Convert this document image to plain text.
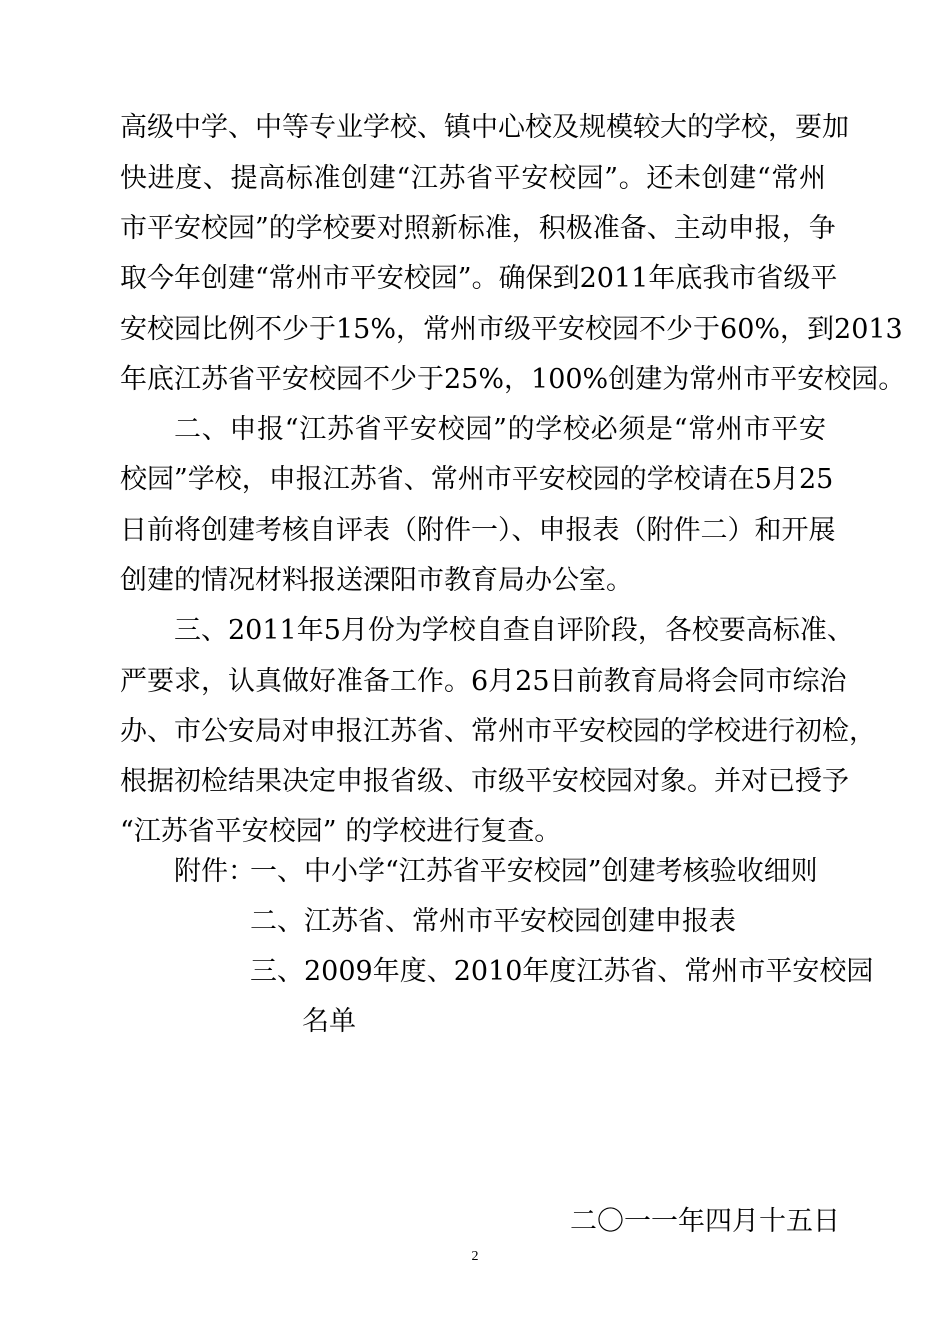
高级中学、中等专业学校、镇中心校及规模较大的学校，要加
快进度、提高标准创建“江苏省平安校园”。还未创建“常州
市平安校园”的学校要对照新标准，积极准备、主动申报，争
取今年创建“常州市平安校园”。确保到2011年底我市省级平
安校园比例不少于15%，常州市级平安校园不少于60%，到2013
年底江苏省平安校园不少于25%，100%创建为常州市平安校园。
二、申报“江苏省平安校园”的学校必须是“常州市平安
校园”学校，申报江苏省、常州市平安校园的学校请在5月25
日前将创建考核自评表（附件一）、申报表（附件二）和开展
创建的情况材料报送溧阳市教育局办公室。
三、2011年5月份为学校自查自评阶段，各校要高标准、
严要求，认真做好准备工作。6月25日前教育局将会同市综治
办、市公安局对申报江苏省、常州市平安校园的学校进行初检，
根据初检结果决定申报省级、市级平安校园对象。并对已授予
“江苏省平安校园” 的学校进行复查。
附件：
一、中小学“江苏省平安校园”创建考核验收细则
二、江苏省、常州市平安校园创建申报表
三、2009年度、2010年度江苏省、常州市平安校园
名单
二〇一一年四月十五日
2
